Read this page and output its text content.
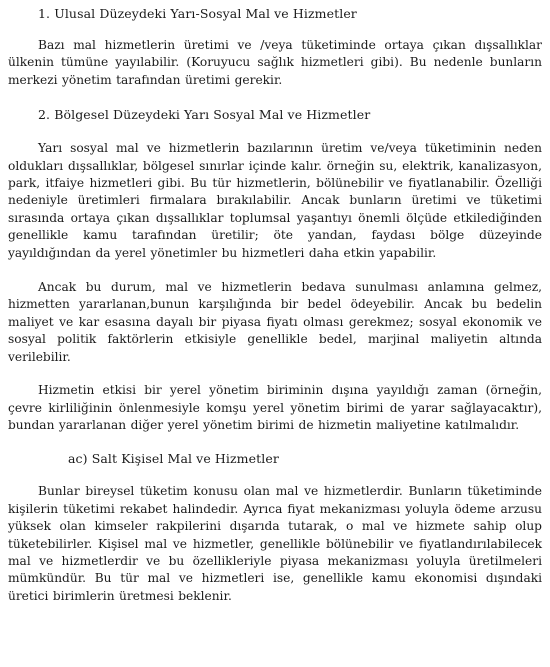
1. Ulusal Düzeydeki Yarı-Sosyal Mal ve Hizmetler

Bazı mal hizmetlerin üretimi ve /veya tüketiminde ortaya çıkan dışsallıklar ülkenin tümüne yayılabilir. (Koruyucu sağlık hizmetleri gibi). Bu nedenle bunların merkezi yönetim tarafından üretimi gerekir.

2. Bölgesel Düzeydeki Yarı Sosyal Mal ve Hizmetler

Yarı sosyal mal ve hizmetlerin bazılarının üretim ve/veya tüketiminin neden oldukları dışsallıklar, bölgesel sınırlar içinde kalır. örneğin su, elektrik, kanalizasyon, park, itfaiye hizmetleri gibi. Bu tür hizmetlerin, bölünebilir ve fiyatlanabilir. Özelliği nedeniyle üretimleri firmalara bırakılabilir. Ancak bunların üretimi ve tüketimi sırasında ortaya çıkan dışsallıklar toplumsal yaşantıyı önemli ölçüde etkilediğinden genellikle kamu tarafından üretilir; öte yandan, faydası bölge düzeyinde yayıldığından da yerel yönetimler bu hizmetleri daha etkin yapabilir.

Ancak bu durum, mal ve hizmetlerin bedava sunulması anlamına gelmez, hizmetten yararlanan,bunun karşılığında bir bedel ödeyebilir. Ancak bu bedelin maliyet ve kar esasına dayalı bir piyasa fiyatı olması gerekmez; sosyal ekonomik ve sosyal politik faktörlerin etkisiyle genellikle bedel, marjinal maliyetin altında verilebilir.

Hizmetin etkisi bir yerel yönetim biriminin dışına yayıldığı zaman (örneğin, çevre kirliliğinin önlenmesiyle komşu yerel yönetim birimi de yarar sağlayacaktır), bundan yararlanan diğer yerel yönetim birimi de hizmetin maliyetine katılmalıdır.

ac) Salt Kişisel Mal ve Hizmetler

Bunlar bireysel tüketim konusu olan mal ve hizmetlerdir. Bunların tüketiminde kişilerin tüketimi rekabet halindedir. Ayrıca fiyat mekanizması yoluyla ödeme arzusu yüksek olan kimseler rakpilerini dışarıda tutarak, o mal ve hizmete sahip olup tüketebilirler. Kişisel mal ve hizmetler, genellikle bölünebilir ve fiyatlandırılabilecek mal ve hizmetlerdir ve bu özellikleriyle piyasa mekanizması yoluyla üretilmeleri mümkündür. Bu tür mal ve hizmetleri ise, genellikle kamu ekonomisi dışındaki üretici birimlerin üretmesi beklenir.
